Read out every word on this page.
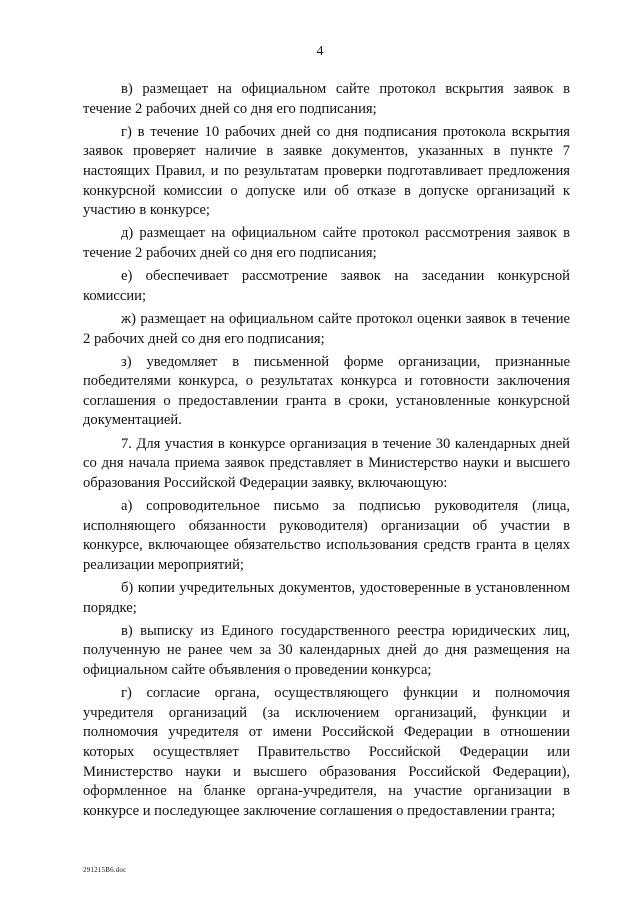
4

в) размещает на официальном сайте протокол вскрытия заявок в течение 2 рабочих дней со дня его подписания;

г) в течение 10 рабочих дней со дня подписания протокола вскрытия заявок проверяет наличие в заявке документов, указанных в пункте 7 настоящих Правил, и по результатам проверки подготавливает предложения конкурсной комиссии о допуске или об отказе в допуске организаций к участию в конкурсе;

д) размещает на официальном сайте протокол рассмотрения заявок в течение 2 рабочих дней со дня его подписания;

е) обеспечивает рассмотрение заявок на заседании конкурсной комиссии;

ж) размещает на официальном сайте протокол оценки заявок в течение 2 рабочих дней со дня его подписания;

з) уведомляет в письменной форме организации, признанные победителями конкурса, о результатах конкурса и готовности заключения соглашения о предоставлении гранта в сроки, установленные конкурсной документацией.

7. Для участия в конкурсе организация в течение 30 календарных дней со дня начала приема заявок представляет в Министерство науки и высшего образования Российской Федерации заявку, включающую:

а) сопроводительное письмо за подписью руководителя (лица, исполняющего обязанности руководителя) организации об участии в конкурсе, включающее обязательство использования средств гранта в целях реализации мероприятий;

б) копии учредительных документов, удостоверенные в установленном порядке;

в) выписку из Единого государственного реестра юридических лиц, полученную не ранее чем за 30 календарных дней до дня размещения на официальном сайте объявления о проведении конкурса;

г) согласие органа, осуществляющего функции и полномочия учредителя организаций (за исключением организаций, функции и полномочия учредителя от имени Российской Федерации в отношении которых осуществляет Правительство Российской Федерации или Министерство науки и высшего образования Российской Федерации), оформленное на бланке органа-учредителя, на участие организации в конкурсе и последующее заключение соглашения о предоставлении гранта;

291215B6.doc
